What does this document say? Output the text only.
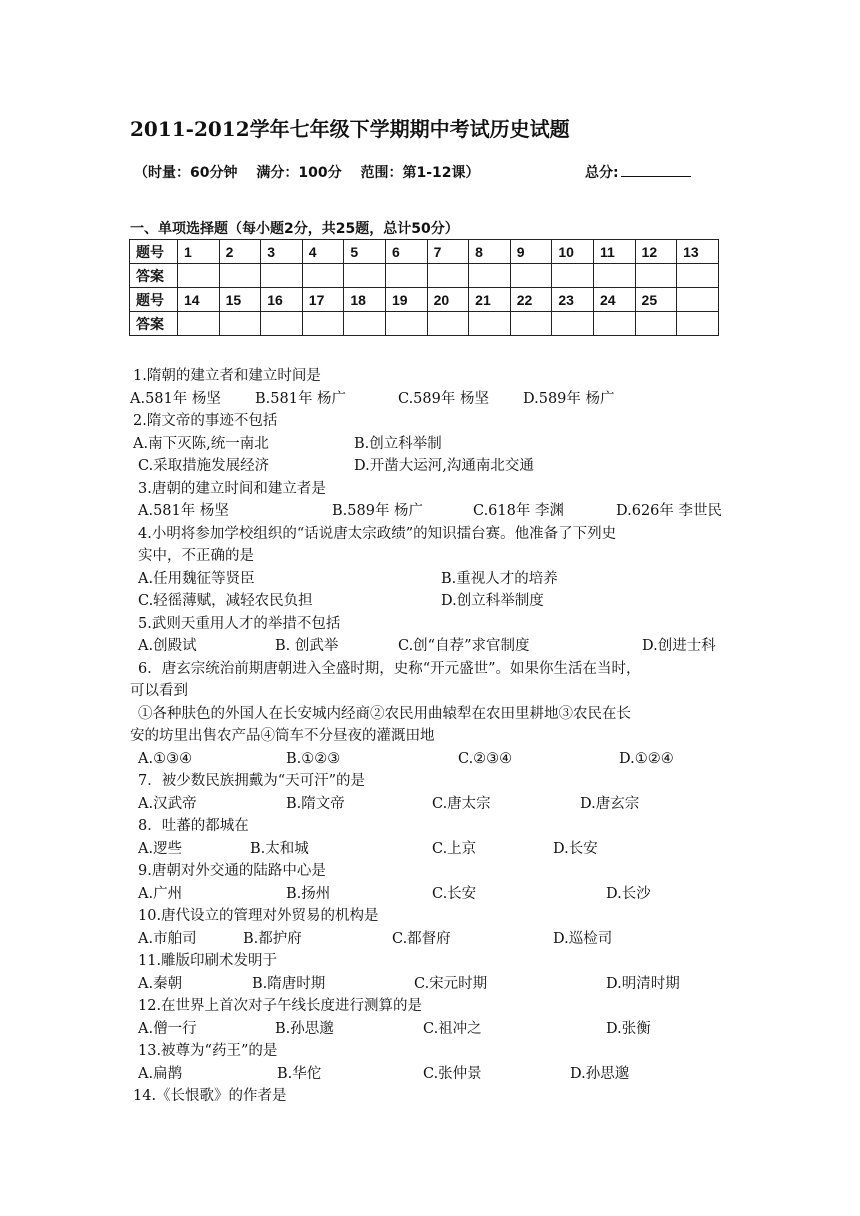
2011-2012学年七年级下学期期中考试历史试题
（时量：60分钟 满分：100分 范围：第1-12课）	总分:
一、单项选择题（每小题2分，共25题，总计50分）
题号	1	2	3	4	5	6	7	8	9	10	11	12	13
答案													
题号	14	15	16	17	18	19	20	21	22	23	24	25	
答案													
1.隋朝的建立者和建立时间是
A.581年 杨坚 B.581年 杨广	C.589年 杨坚 D.589年 杨广
2.隋文帝的事迹不包括
A.南下灭陈,统一南北	B.创立科举制
C.采取措施发展经济	D.开凿大运河,沟通南北交通
3.唐朝的建立时间和建立者是
A.581年 杨坚	B.589年 杨广	C.618年 李渊	D.626年 李世民
4.小明将参加学校组织的“话说唐太宗政绩”的知识擂台赛。他准备了下列史
实中，不正确的是
A.任用魏征等贤臣	B.重视人才的培养
C.轻徭薄赋，减轻农民负担	D.创立科举制度
5.武则天重用人才的举措不包括
A.创殿试	B. 创武举	C.创“自荐”求官制度	D.创进士科
6．唐玄宗统治前期唐朝进入全盛时期，史称“开元盛世”。如果你生活在当时，
可以看到
①各种肤色的外国人在长安城内经商②农民用曲辕犁在农田里耕地③农民在长
安的坊里出售农产品④筒车不分昼夜的灌溉田地
A.①③④	B.①②③	C.②③④	D.①②④
7．被少数民族拥戴为“天可汗”的是
A.汉武帝	B.隋文帝	C.唐太宗	D.唐玄宗
8．吐蕃的都城在
A.逻些	B.太和城	C.上京	D.长安
9.唐朝对外交通的陆路中心是
A.广州	B.扬州	C.长安	D.长沙
10.唐代设立的管理对外贸易的机构是
A.市舶司	B.都护府	C.都督府	D.巡检司
11.雕版印刷术发明于
A.秦朝	B.隋唐时期	C.宋元时期	D.明清时期
12.在世界上首次对子午线长度进行测算的是
A.僧一行	B.孙思邈	C.祖冲之	D.张衡
13.被尊为“药王”的是
A.扁鹊	B.华佗	C.张仲景	D.孙思邈
14.《长恨歌》的作者是
